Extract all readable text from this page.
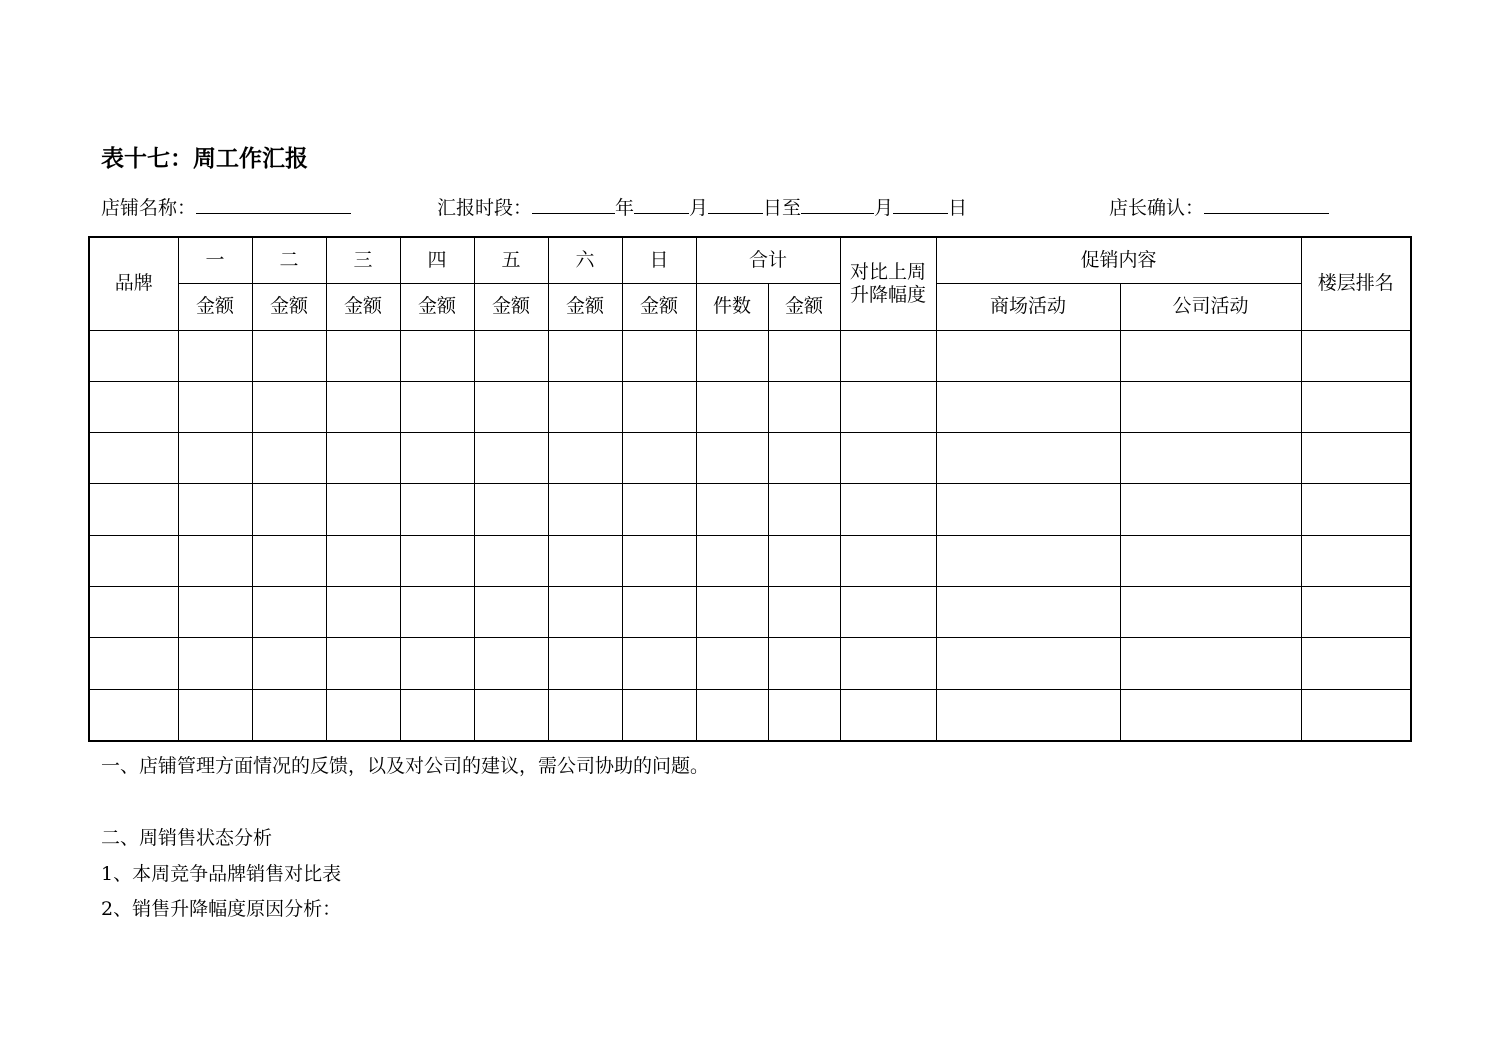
表十七：周工作汇报
店铺名称：	汇报时段：	年	月	日至	月	日	店长确认：
品牌	一	二	三	四	五	六	日	合计		对比上周升降幅度	促销内容		楼层排名
	金额	金额	金额	金额	金额	金额	金额	件数	金额		商场活动	公司活动	

一、店铺管理方面情况的反馈，以及对公司的建议，需公司协助的问题。
二、周销售状态分析
1、本周竞争品牌销售对比表
2、销售升降幅度原因分析：
